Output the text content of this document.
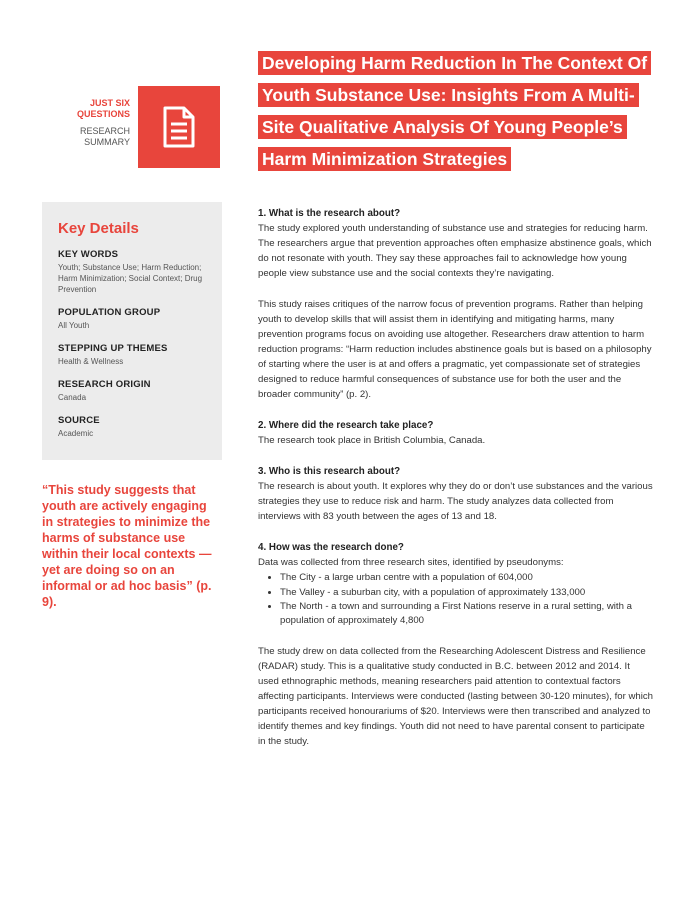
JUST SIX
QUESTIONS
RESEARCH
SUMMARY
Developing Harm Reduction In The Context Of Youth Substance Use: Insights From A Multi-Site Qualitative Analysis Of Young People’s Harm Minimization Strategies
Key Details
KEY WORDS
Youth; Substance Use; Harm Reduction; Harm Minimization; Social Context; Drug Prevention
POPULATION GROUP
All Youth
STEPPING UP THEMES
Health & Wellness
RESEARCH ORIGIN
Canada
SOURCE
Academic
“This study suggests that youth are actively engaging in strategies to minimize the harms of substance use within their local contexts — yet are doing so on an informal or ad hoc basis” (p. 9).
1. What is the research about?

The study explored youth understanding of substance use and strategies for reducing harm. The researchers argue that prevention approaches often emphasize abstinence goals, which do not resonate with youth. They say these approaches fail to acknowledge how young people view substance use and the social contexts they’re navigating.

This study raises critiques of the narrow focus of prevention programs. Rather than helping youth to develop skills that will assist them in identifying and mitigating harms, many prevention programs focus on avoiding use altogether. Researchers draw attention to harm reduction programs: “Harm reduction includes abstinence goals but is based on a philosophy of starting where the user is at and offers a pragmatic, yet compassionate set of strategies designed to reduce harmful consequences of substance use for both the user and the broader community” (p. 2).

2. Where did the research take place?

The research took place in British Columbia, Canada.

3. Who is this research about?

The research is about youth. It explores why they do or don’t use substances and the various strategies they use to reduce risk and harm. The study analyzes data collected from interviews with 83 youth between the ages of 13 and 18.

4. How was the research done?
Data was collected from three research sites, identified by pseudonyms:
• The City - a large urban centre with a population of 604,000
• The Valley - a suburban city, with a population of approximately 133,000
• The North - a town and surrounding a First Nations reserve in a rural setting, with a population of approximately 4,800

The study drew on data collected from the Researching Adolescent Distress and Resilience (RADAR) study. This is a qualitative study conducted in B.C. between 2012 and 2014. It used ethnographic methods, meaning researchers paid attention to contextual factors affecting participants. Interviews were conducted (lasting between 30-120 minutes), for which participants received honourariums of $20. Interviews were then transcribed and analyzed to identify themes and key findings. Youth did not need to have parental consent to participate in the study.
